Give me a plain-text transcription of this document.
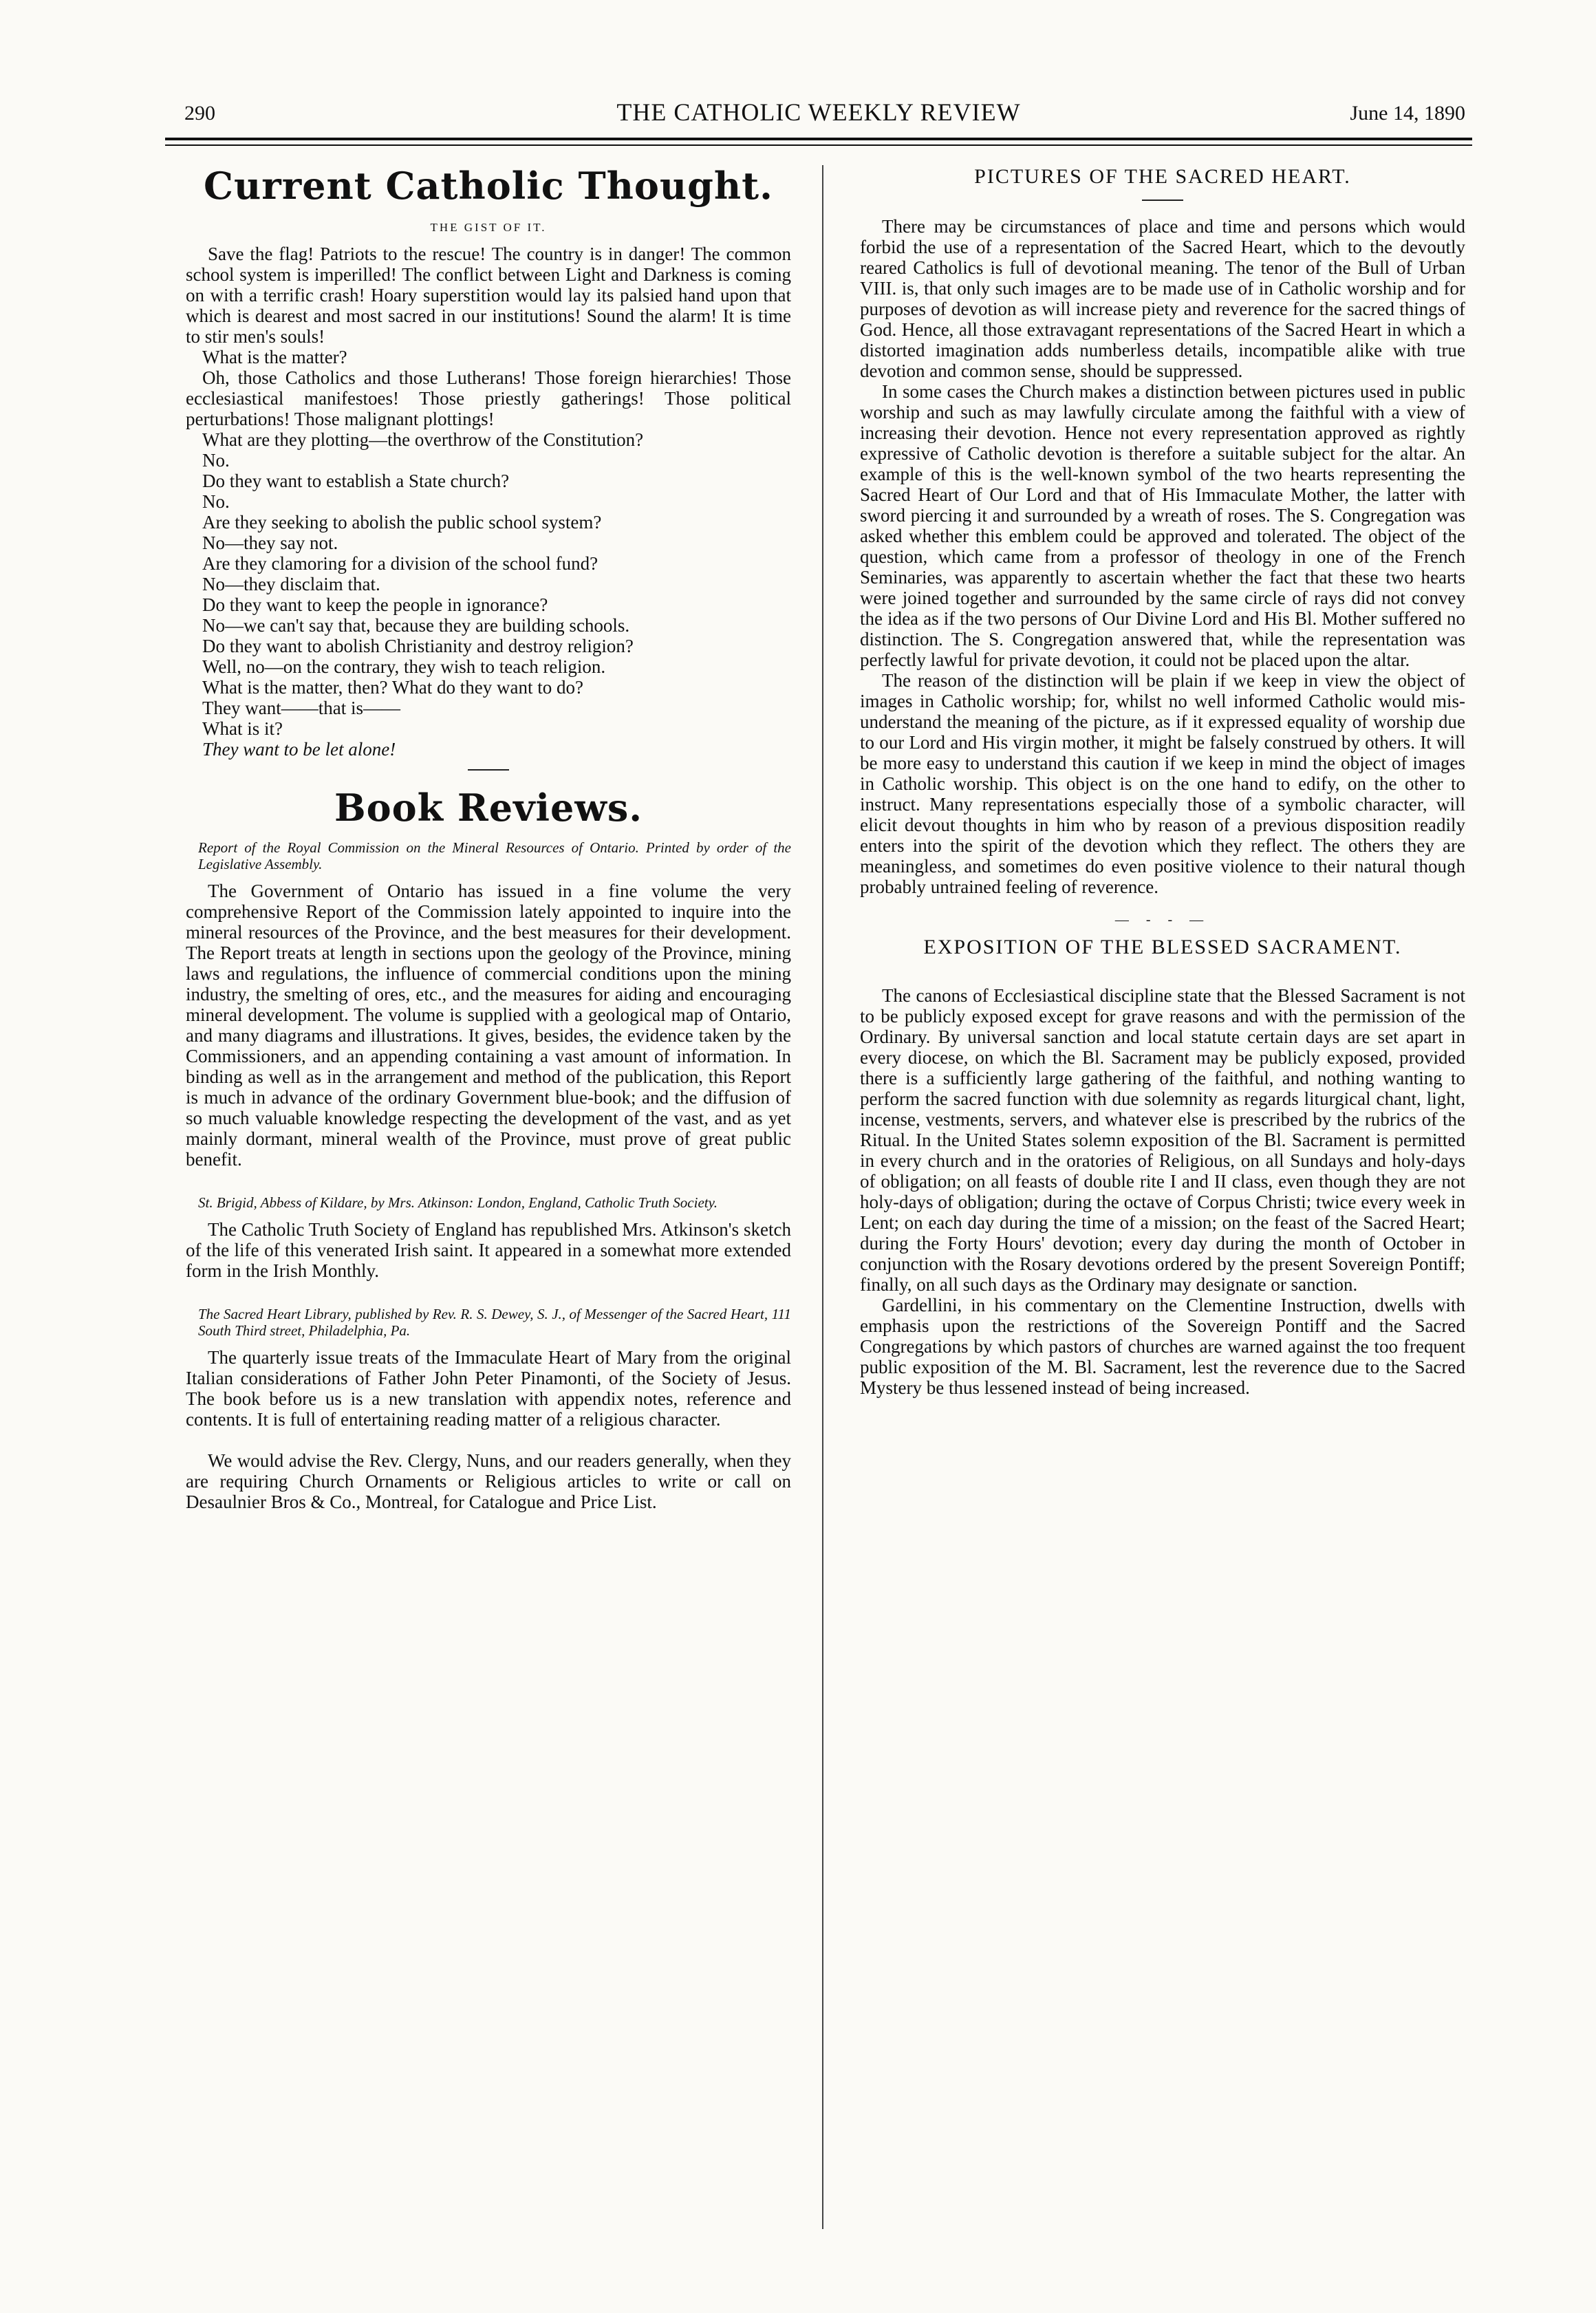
290	THE CATHOLIC WEEKLY REVIEW	June 14, 1890
Current Catholic Thought.
THE GIST OF IT.

Save the flag! Patriots to the rescue! The country is in danger! The common school system is imperilled! The conflict between Light and Darkness is coming on with a terrific crash! Hoary superstition would lay its palsied hand upon that which is dearest and most sacred in our institutions! Sound the alarm! It is time to stir men's souls!

What is the matter?

Oh, those Catholics and those Lutherans! Those foreign hierarchies! Those ecclesiastical manifestoes! Those priestly gatherings! Those political perturbations! Those malignant plottings!

What are they plotting—the overthrow of the Constitution?

No.

Do they want to establish a State church?

No.

Are they seeking to abolish the public school system?

No—they say not.

Are they clamoring for a division of the school fund?

No—they disclaim that.

Do they want to keep the people in ignorance?

No—we can't say that, because they are building schools.

Do they want to abolish Christianity and destroy religion?

Well, no—on the contrary, they wish to teach religion.

What is the matter, then? What do they want to do?

They want——that is——

What is it?

They want to be let alone!

Book Reviews.

Report of the Royal Commission on the Mineral Resources of Ontario. Printed by order of the Legislative Assembly.

The Government of Ontario has issued in a fine volume the very comprehensive Report of the Commission lately appointed to inquire into the mineral resources of the Province, and the best measures for their development. The Report treats at length in sections upon the geology of the Province, mining laws and regulations, the influence of commercial conditions upon the mining industry, the smelting of ores, etc., and the measures for aiding and encouraging mineral development. The volume is supplied with a geological map of Ontario, and many diagrams and illustrations. It gives, besides, the evidence taken by the Commissioners, and an appending containing a vast amount of information. In binding as well as in the arrangement and method of the publication, this Report is much in advance of the ordinary Government blue-book; and the diffusion of so much valuable knowledge respecting the development of the vast, and as yet mainly dormant, mineral wealth of the Province, must prove of great public benefit.

St. Brigid, Abbess of Kildare, by Mrs. Atkinson: London, England, Catholic Truth Society.

The Catholic Truth Society of England has republished Mrs. Atkinson's sketch of the life of this venerated Irish saint. It appeared in a somewhat more extended form in the Irish Monthly.

The Sacred Heart Library, published by Rev. R. S. Dewey, S. J., of Messenger of the Sacred Heart, 111 South Third street, Philadelphia, Pa.

The quarterly issue treats of the Immaculate Heart of Mary from the original Italian considerations of Father John Peter Pinamonti, of the Society of Jesus. The book before us is a new translation with appendix notes, reference and contents. It is full of entertaining reading matter of a religious character.

We would advise the Rev. Clergy, Nuns, and our readers generally, when they are requiring Church Ornaments or Religious articles to write or call on Desaulnier Bros & Co., Montreal, for Catalogue and Price List.

PICTURES OF THE SACRED HEART.

There may be circumstances of place and time and persons which would forbid the use of a representation of the Sacred Heart, which to the devoutly reared Catholics is full of devotional meaning. The tenor of the Bull of Urban VIII. is, that only such images are to be made use of in Catholic worship and for purposes of devotion as will increase piety and reverence for the sacred things of God. Hence, all those extravagant representations of the Sacred Heart in which a distorted imagination adds numberless details, incompatible alike with true devotion and common sense, should be suppressed.

In some cases the Church makes a distinction between pictures used in public worship and such as may lawfully circulate among the faithful with a view of increasing their devotion. Hence not every representation approved as rightly expressive of Catholic devotion is therefore a suitable subject for the altar. An example of this is the well-known symbol of the two hearts representing the Sacred Heart of Our Lord and that of His Immaculate Mother, the latter with sword piercing it and surrounded by a wreath of roses. The S. Congregation was asked whether this emblem could be approved and tolerated. The object of the question, which came from a professor of theology in one of the French Seminaries, was apparently to ascertain whether the fact that these two hearts were joined together and surrounded by the same circle of rays did not convey the idea as if the two persons of Our Divine Lord and His Bl. Mother suffered no distinction. The S. Congregation answered that, while the representation was perfectly lawful for private devotion, it could not be placed upon the altar.

The reason of the distinction will be plain if we keep in view the object of images in Catholic worship; for, whilst no well informed Catholic would mis-understand the meaning of the picture, as if it expressed equality of worship due to our Lord and His virgin mother, it might be falsely construed by others. It will be more easy to understand this caution if we keep in mind the object of images in Catholic worship. This object is on the one hand to edify, on the other to instruct. Many representations especially those of a symbolic character, will elicit devout thoughts in him who by reason of a previous disposition readily enters into the spirit of the devotion which they reflect. The others they are meaningless, and sometimes do even positive violence to their natural though probably untrained feeling of reverence.

— - - —
EXPOSITION OF THE BLESSED SACRAMENT.

The canons of Ecclesiastical discipline state that the Blessed Sacrament is not to be publicly exposed except for grave reasons and with the permission of the Ordinary. By universal sanction and local statute certain days are set apart in every diocese, on which the Bl. Sacrament may be publicly exposed, provided there is a sufficiently large gathering of the faithful, and nothing wanting to perform the sacred function with due solemnity as regards liturgical chant, light, incense, vestments, servers, and whatever else is prescribed by the rubrics of the Ritual. In the United States solemn exposition of the Bl. Sacrament is permitted in every church and in the oratories of Religious, on all Sundays and holy-days of obligation; on all feasts of double rite I and II class, even though they are not holy-days of obligation; during the octave of Corpus Christi; twice every week in Lent; on each day during the time of a mission; on the feast of the Sacred Heart; during the Forty Hours' devotion; every day during the month of October in conjunction with the Rosary devotions ordered by the present Sovereign Pontiff; finally, on all such days as the Ordinary may designate or sanction.

Gardellini, in his commentary on the Clementine Instruction, dwells with emphasis upon the restrictions of the Sovereign Pontiff and the Sacred Congregations by which pastors of churches are warned against the too frequent public exposition of the M. Bl. Sacrament, lest the reverence due to the Sacred Mystery be thus lessened instead of being increased.
